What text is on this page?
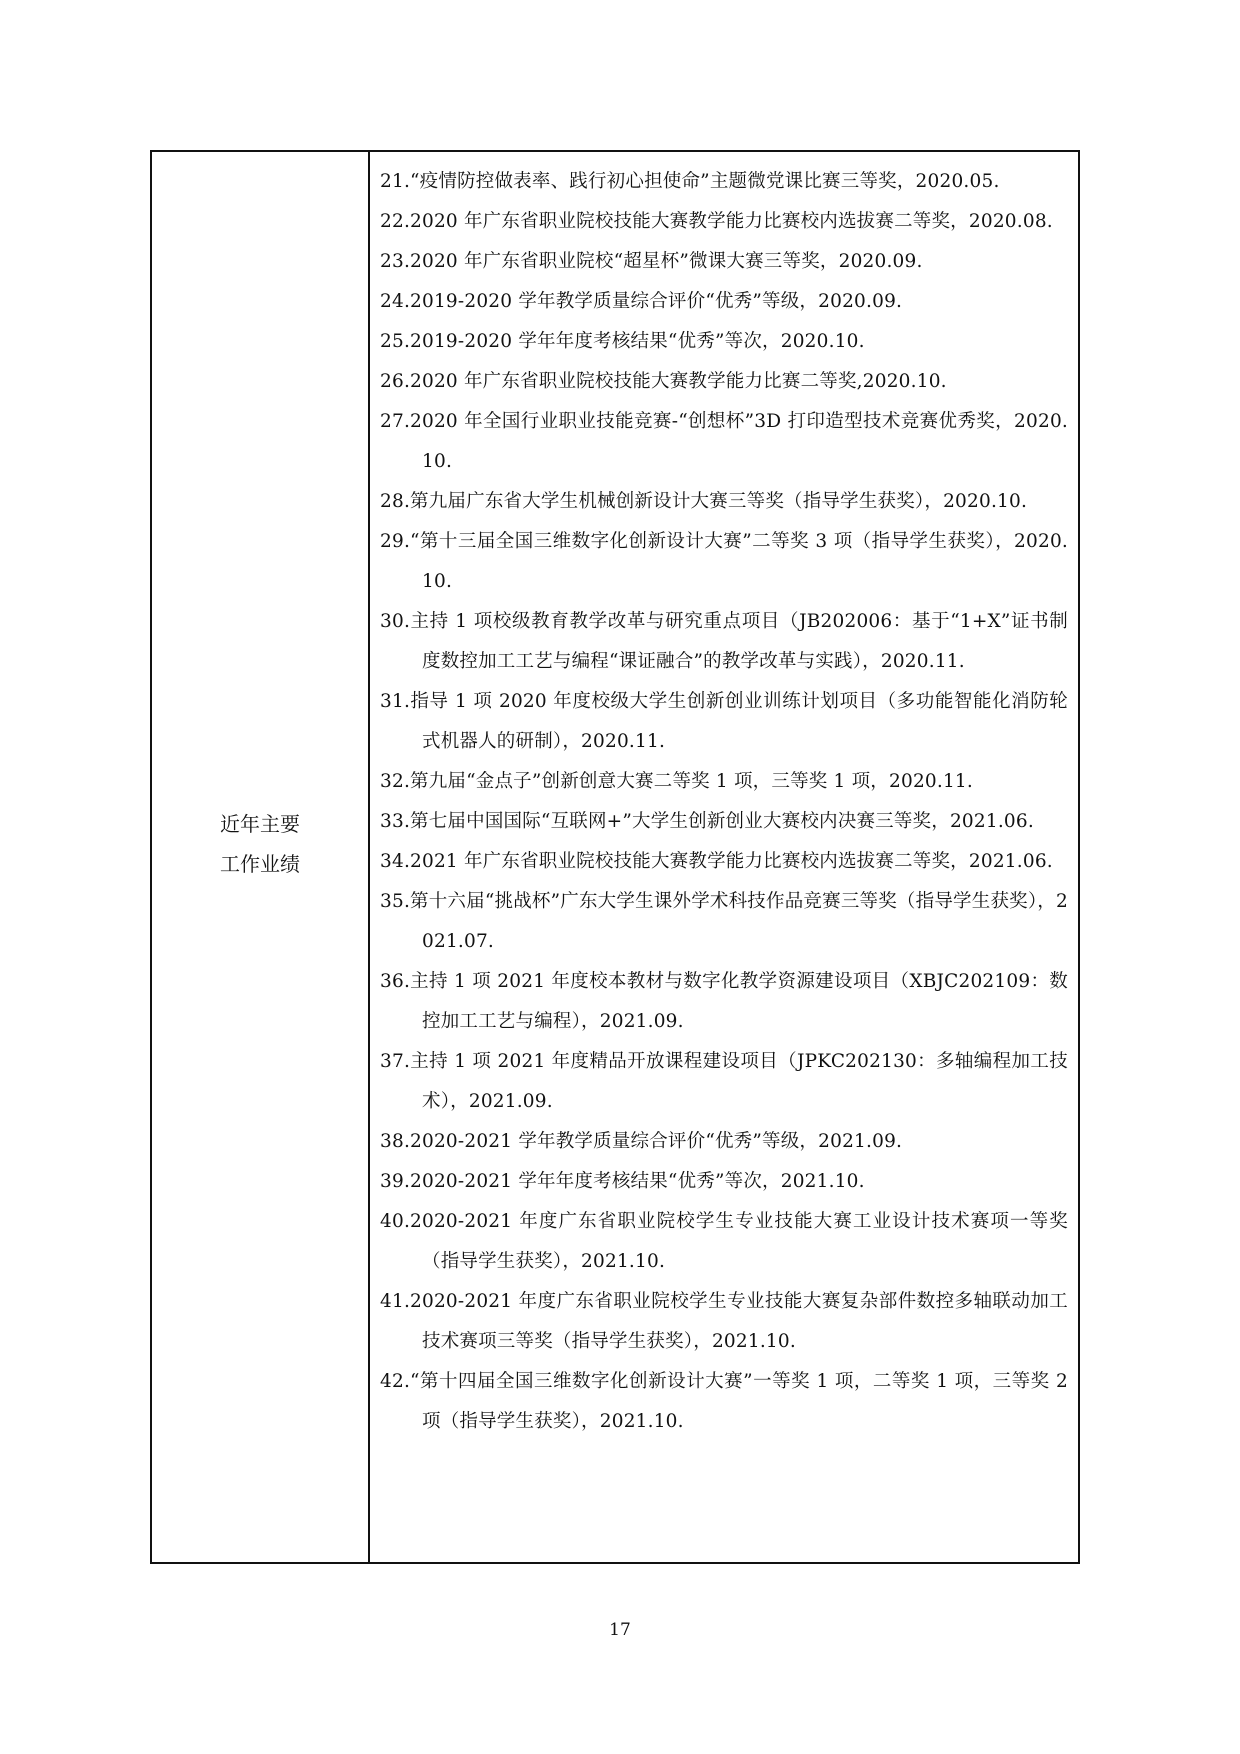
近年主要
工作业绩
21.“疫情防控做表率、践行初心担使命”主题微党课比赛三等奖，2020.05.
22.2020 年广东省职业院校技能大赛教学能力比赛校内选拔赛二等奖，2020.08.
23.2020 年广东省职业院校“超星杯”微课大赛三等奖，2020.09.
24.2019-2020 学年教学质量综合评价“优秀”等级，2020.09.
25.2019-2020 学年年度考核结果“优秀”等次，2020.10.
26.2020 年广东省职业院校技能大赛教学能力比赛二等奖,2020.10.
27.2020 年全国行业职业技能竞赛-“创想杯”3D 打印造型技术竞赛优秀奖，2020.10.
28.第九届广东省大学生机械创新设计大赛三等奖（指导学生获奖），2020.10.
29.“第十三届全国三维数字化创新设计大赛”二等奖 3 项（指导学生获奖），2020.10.
30.主持 1 项校级教育教学改革与研究重点项目（JB202006：基于“1+X”证书制度数控加工工艺与编程“课证融合”的教学改革与实践），2020.11.
31.指导 1 项 2020 年度校级大学生创新创业训练计划项目（多功能智能化消防轮式机器人的研制），2020.11.
32.第九届“金点子”创新创意大赛二等奖 1 项，三等奖 1 项，2020.11.
33.第七届中国国际“互联网+”大学生创新创业大赛校内决赛三等奖，2021.06.
34.2021 年广东省职业院校技能大赛教学能力比赛校内选拔赛二等奖，2021.06.
35.第十六届“挑战杯”广东大学生课外学术科技作品竞赛三等奖（指导学生获奖），2021.07.
36.主持 1 项 2021 年度校本教材与数字化教学资源建设项目（XBJC202109：数控加工工艺与编程），2021.09.
37.主持 1 项 2021 年度精品开放课程建设项目（JPKC202130：多轴编程加工技术），2021.09.
38.2020-2021 学年教学质量综合评价“优秀”等级，2021.09.
39.2020-2021 学年年度考核结果“优秀”等次，2021.10.
40.2020-2021 年度广东省职业院校学生专业技能大赛工业设计技术赛项一等奖（指导学生获奖），2021.10.
41.2020-2021 年度广东省职业院校学生专业技能大赛复杂部件数控多轴联动加工技术赛项三等奖（指导学生获奖），2021.10.
42.“第十四届全国三维数字化创新设计大赛”一等奖 1 项，二等奖 1 项，三等奖 2 项（指导学生获奖），2021.10.
17
